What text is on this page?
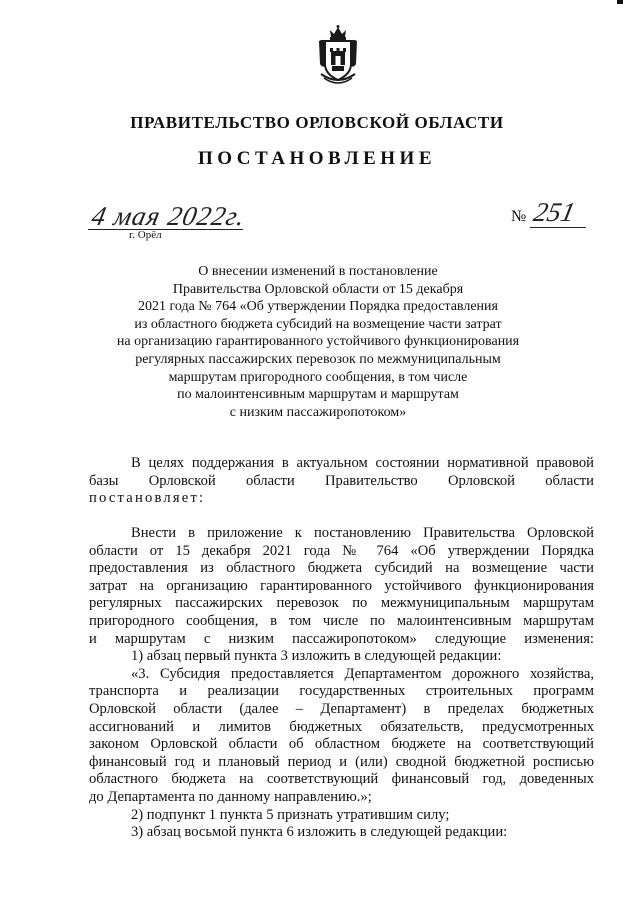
ПРАВИТЕЛЬСТВО ОРЛОВСКОЙ ОБЛАСТИ
ПОСТАНОВЛЕНИЕ
4 мая 2022г.
г. Орёл
№ 251
О внесении изменений в постановление
Правительства Орловской области от 15 декабря
2021 года № 764 «Об утверждении Порядка предоставления
из областного бюджета субсидий на возмещение части затрат
на организацию гарантированного устойчивого функционирования
регулярных пассажирских перевозок по межмуниципальным
маршрутам пригородного сообщения, в том числе
по малоинтенсивным маршрутам и маршрутам
с низким пассажиропотоком»
В целях поддержания в актуальном состоянии нормативной правовой
базы Орловской области Правительство Орловской области
постановляет:
Внести в приложение к постановлению Правительства Орловской
области от 15 декабря 2021 года № 764 «Об утверждении Порядка
предоставления из областного бюджета субсидий на возмещение части
затрат на организацию гарантированного устойчивого функционирования
регулярных пассажирских перевозок по межмуниципальным маршрутам
пригородного сообщения, в том числе по малоинтенсивным маршрутам
и маршрутам с низким пассажиропотоком» следующие изменения:
1) абзац первый пункта 3 изложить в следующей редакции:
«3. Субсидия предоставляется Департаментом дорожного хозяйства,
транспорта и реализации государственных строительных программ
Орловской области (далее – Департамент) в пределах бюджетных
ассигнований и лимитов бюджетных обязательств, предусмотренных
законом Орловской области об областном бюджете на соответствующий
финансовый год и плановый период и (или) сводной бюджетной росписью
областного бюджета на соответствующий финансовый год, доведенных
до Департамента по данному направлению.»;
2) подпункт 1 пункта 5 признать утратившим силу;
3) абзац восьмой пункта 6 изложить в следующей редакции:
